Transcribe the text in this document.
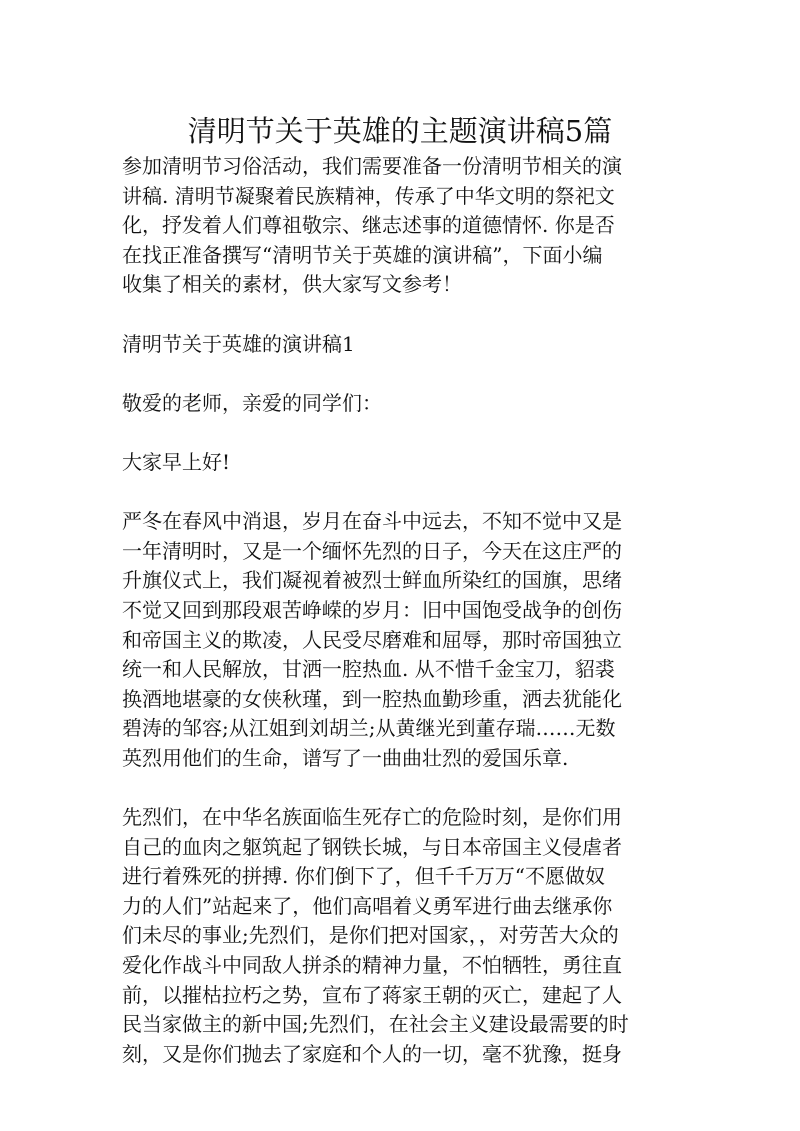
清明节关于英雄的主题演讲稿5篇
参加清明节习俗活动，我们需要准备一份清明节相关的演
讲稿. 清明节凝聚着民族精神，传承了中华文明的祭祀文
化，抒发着人们尊祖敬宗、继志述事的道德情怀. 你是否
在找正准备撰写“清明节关于英雄的演讲稿”，下面小编
收集了相关的素材，供大家写文参考！
清明节关于英雄的演讲稿1
敬爱的老师，亲爱的同学们：
大家早上好!
严冬在春风中消退，岁月在奋斗中远去，不知不觉中又是
一年清明时，又是一个缅怀先烈的日子，今天在这庄严的
升旗仪式上，我们凝视着被烈士鲜血所染红的国旗，思绪
不觉又回到那段艰苦峥嵘的岁月：旧中国饱受战争的创伤
和帝国主义的欺凌，人民受尽磨难和屈辱，那时帝国独立
统一和人民解放，甘洒一腔热血. 从不惜千金宝刀，貂裘
换酒地堪豪的女侠秋瑾，到一腔热血勤珍重，洒去犹能化
碧涛的邹容;从江姐到刘胡兰;从黄继光到董存瑞……无数
英烈用他们的生命，谱写了一曲曲壮烈的爱国乐章.
先烈们，在中华名族面临生死存亡的危险时刻，是你们用
自己的血肉之躯筑起了钢铁长城，与日本帝国主义侵虐者
进行着殊死的拼搏. 你们倒下了，但千千万万“不愿做奴
力的人们”站起来了，他们高唱着义勇军进行曲去继承你
们未尽的事业;先烈们，是你们把对国家，，对劳苦大众的
爱化作战斗中同敌人拼杀的精神力量，不怕牺牲，勇往直
前，以摧枯拉朽之势，宣布了蒋家王朝的灭亡，建起了人
民当家做主的新中国;先烈们，在社会主义建设最需要的时
刻，又是你们抛去了家庭和个人的一切，毫不犹豫，挺身
